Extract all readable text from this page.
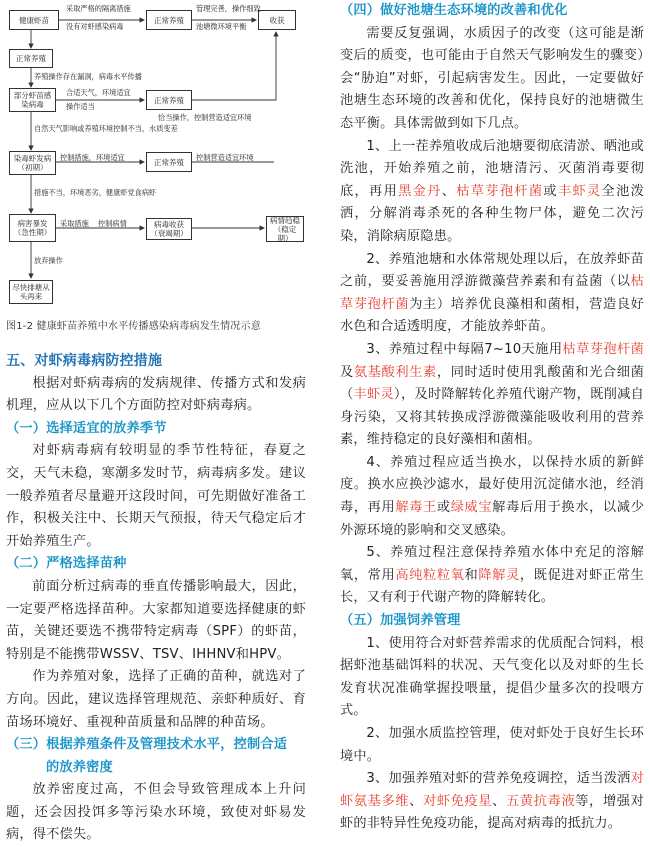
健康虾苗	正常养殖	收获
正常养殖
部分虾苗感染病毒	正常养殖
染毒虾发病（初期）
正常养殖
病害暴发（急性期）
病毒收获（衰竭期）
病情趋稳（稳定期）
尽快排塘从头再来
采取严格的隔离措施
没有对虾感染病毒
管理完善，操作细致
池塘微环境平衡
养殖操作存在漏洞，病毒水平传播
合适天气，环境适宜
操作适当
恰当操作，控制营造适宜环境
自然天气影响或养殖环境控制不当，水质变差
控制措施，环境适宜	控制营造适宜环境
措施不当，环境恶劣，健康虾党食病虾
采取措施 控制病情
放弃操作

图1-2 健康虾苗养殖中水平传播感染病毒病发生情况示意

五、对虾病毒病防控措施

根据对虾病毒病的发病规律、传播方式和发病机理，应从以下几个方面防控对虾病毒病。

（一）选择适宜的放养季节

对虾病毒病有较明显的季节性特征，春夏之交，天气未稳，寒潮多发时节，病毒病多发。建议一般养殖者尽量避开这段时间，可先期做好准备工作，积极关注中、长期天气预报，待天气稳定后才开始养殖生产。

（二）严格选择苗种

前面分析过病毒的垂直传播影响最大，因此，一定要严格选择苗种。大家都知道要选择健康的虾苗，关键还要选不携带特定病毒（SPF）的虾苗，特别是不能携带WSSV、TSV、IHHNV和HPV。

作为养殖对象，选择了正确的苗种，就选对了方向。因此，建议选择管理规范、亲虾种质好、育苗场环境好、重视种苗质量和品牌的种苗场。

（三）根据养殖条件及管理技术水平，控制合适
的放养密度

放养密度过高，不但会导致管理成本上升问题，还会因投饵多等污染水环境，致使对虾易发病，得不偿失。

（四）做好池塘生态环境的改善和优化

需要反复强调，水质因子的改变（这可能是渐变后的质变，也可能由于自然天气影响发生的骤变）会“胁迫”对虾，引起病害发生。因此，一定要做好池塘生态环境的改善和优化，保持良好的池塘微生态平衡。具体需做到如下几点。

1、上一茬养殖收成后池塘要彻底清淤、晒池或洗池，开始养殖之前，池塘清污、灭菌消毒要彻底，再用黑金丹、枯草芽孢杆菌或丰虾灵全池泼洒，分解消毒杀死的各种生物尸体，避免二次污染，消除病原隐患。

2、养殖池塘和水体常规处理以后，在放养虾苗之前，要妥善施用浮游微藻营养素和有益菌（以枯草芽孢杆菌为主）培养优良藻相和菌相，营造良好水色和合适透明度，才能放养虾苗。

3、养殖过程中每隔7~10天施用枯草芽孢杆菌及氨基酸利生素，同时适时使用乳酸菌和光合细菌（丰虾灵），及时降解转化养殖代谢产物，既削减自身污染，又将其转换成浮游微藻能吸收利用的营养素，维持稳定的良好藻相和菌相。

4、养殖过程应适当换水，以保持水质的新鲜度。换水应换沙滤水，最好使用沉淀储水池，经消毒，再用解毒王或绿威宝解毒后用于换水，以减少外源环境的影响和交叉感染。

5、养殖过程注意保持养殖水体中充足的溶解氧，常用高纯粒粒氧和降解灵，既促进对虾正常生长，又有利于代谢产物的降解转化。

（五）加强饲养管理

1、使用符合对虾营养需求的优质配合饲料，根据虾池基础饵料的状况、天气变化以及对虾的生长发育状况准确掌握投喂量，提倡少量多次的投喂方式。

2、加强水质监控管理，使对虾处于良好生长环境中。

3、加强养殖对虾的营养免疫调控，适当泼洒对虾氨基多维、对虾免疫星、五黄抗毒液等，增强对虾的非特异性免疫功能，提高对病毒的抵抗力。
